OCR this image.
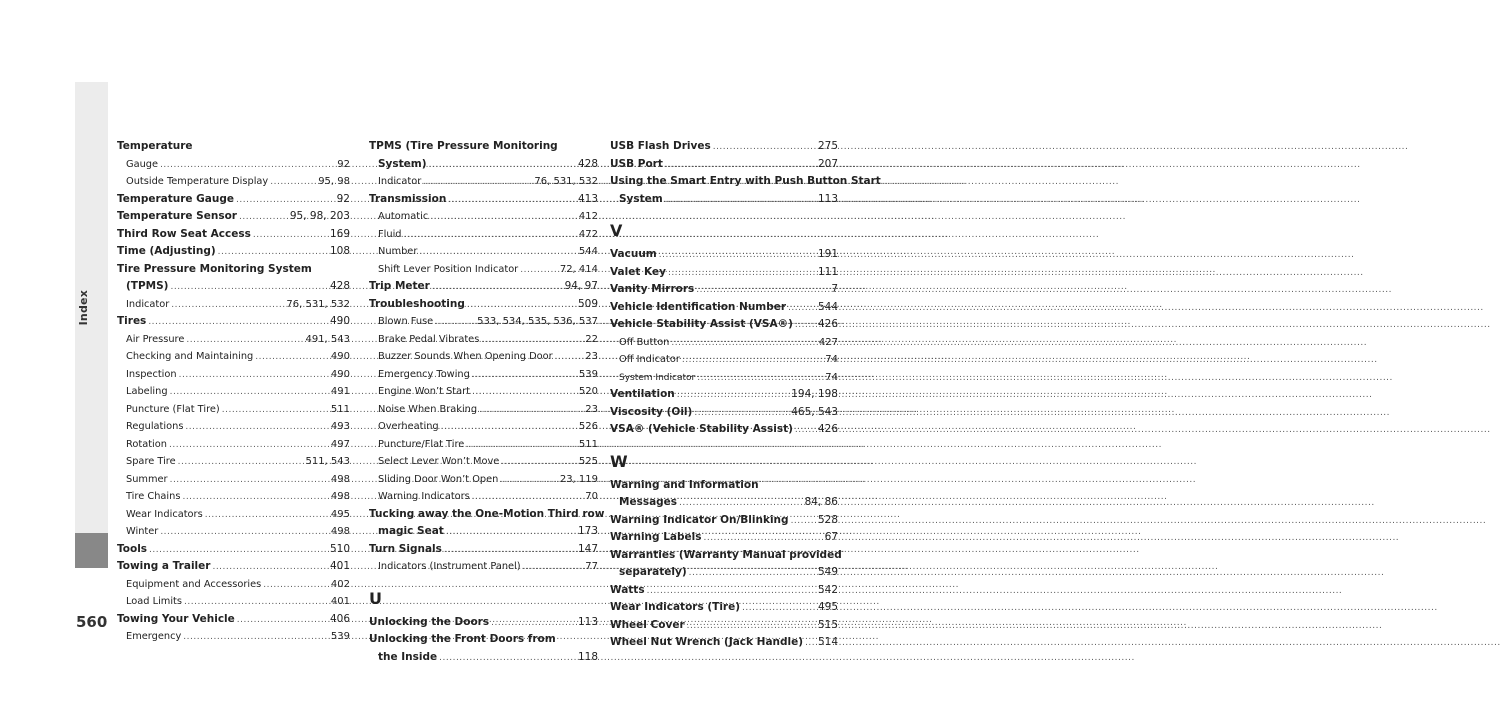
Index
560
Temperature
Gauge .....	92
Outside Temperature Display .....	95, 98
Temperature Gauge .....	92
Temperature Sensor .....	95, 98, 203
Third Row Seat Access .....	169
Time (Adjusting) .....	108
Tire Pressure Monitoring System
(TPMS) .....	428
Indicator .....	76, 531, 532
Tires .....	490
Air Pressure .....	491, 543
Checking and Maintaining .....	490
Inspection .....	490
Labeling .....	491
Puncture (Flat Tire) .....	511
Regulations .....	493
Rotation .....	497
Spare Tire .....	511, 543
Summer .....	498
Tire Chains .....	498
Wear Indicators .....	495
Winter .....	498
Tools .....	510
Towing a Trailer .....	401
Equipment and Accessories .....	402
Load Limits .....	401
Towing Your Vehicle .....	406
Emergency .....	539
TPMS (Tire Pressure Monitoring
System) .....	428
Indicator .....	76, 531, 532
Transmission .....	413
Automatic .....	412
Fluid .....	472
Number .....	544
Shift Lever Position Indicator .....	72, 414
Trip Meter .....	94, 97
Troubleshooting .....	509
Blown Fuse .....	533, 534, 535, 536, 537
Brake Pedal Vibrates .....	22
Buzzer Sounds When Opening Door .....	23
Emergency Towing .....	539
Engine Won’t Start .....	520
Noise When Braking .....	23
Overheating .....	526
Puncture/Flat Tire .....	511
Select Lever Won’t Move .....	525
Sliding Door Won’t Open .....	23, 119
Warning Indicators .....	70
Tucking away the One-Motion Third row
magic Seat .....	173
Turn Signals .....	147
Indicators (Instrument Panel) .....	77
U
Unlocking the Doors .....	113
Unlocking the Front Doors from
the Inside .....	118
USB Flash Drives .....	275
USB Port .....	207
Using the Smart Entry with Push Button Start
System .....	113
V
Vacuum .....	191
Valet Key .....	111
Vanity Mirrors .....	7
Vehicle Identification Number .....	544
Vehicle Stability Assist (VSA®) ..... 426
Off Button .....	427
Off Indicator .....	74
System Indicator .....	74
Ventilation .....	194, 198
Viscosity (Oil) .....	465, 543
VSA® (Vehicle Stability Assist) ..... 426
W
Warning and Information
Messages .....	84, 86
Warning Indicator On/Blinking .....	528
Warning Labels .....	67
Warranties (Warranty Manual provided
separately) .....	549
Watts .....	542
Wear Indicators (Tire) .....	495
Wheel Cover .....	515
Wheel Nut Wrench (Jack Handle) ..... 514
